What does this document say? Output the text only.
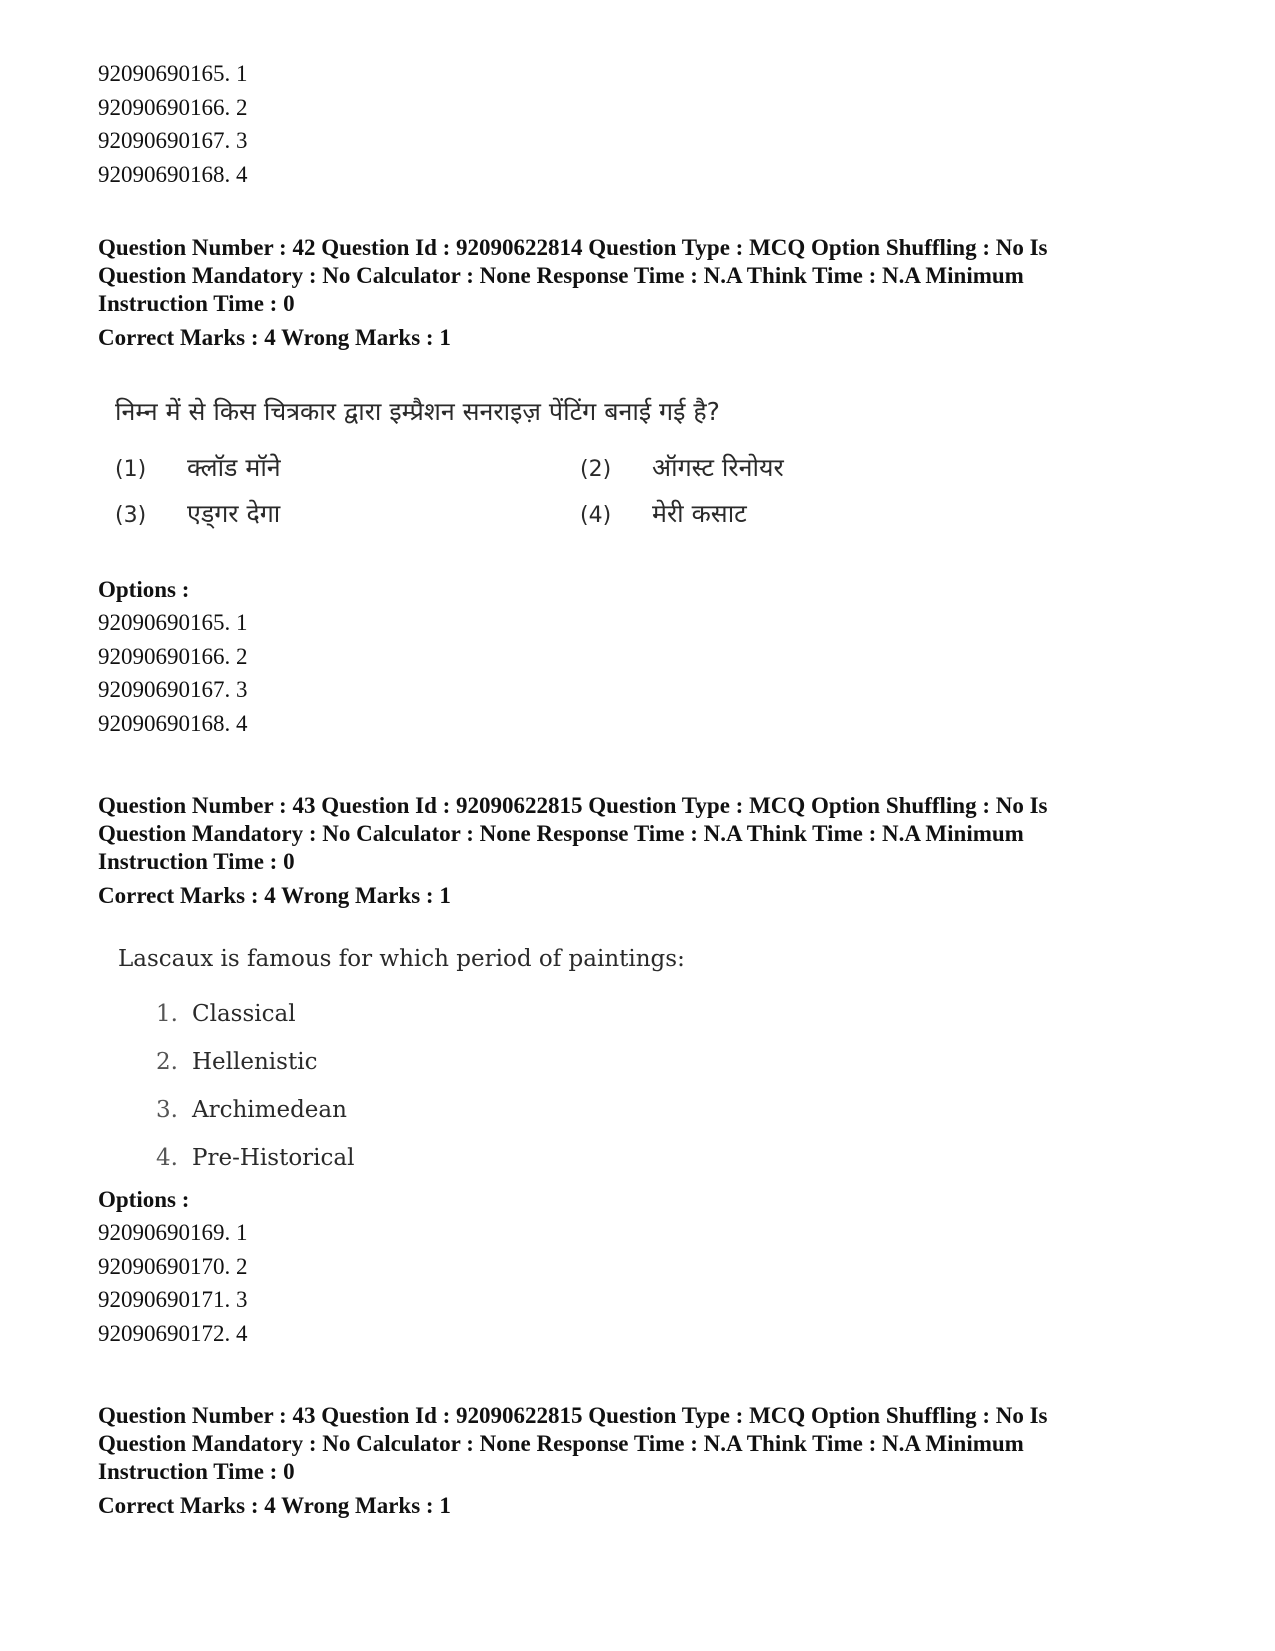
92090690165. 1
92090690166. 2
92090690167. 3
92090690168. 4
Question Number : 42 Question Id : 92090622814 Question Type : MCQ Option Shuffling : No Is
Question Mandatory : No Calculator : None Response Time : N.A Think Time : N.A Minimum
Instruction Time : 0
Correct Marks : 4 Wrong Marks : 1
निम्न में से किस चित्रकार द्वारा इम्प्रैशन सनराइज़ पेंटिंग बनाई गई है?
(1) क्लॉड मॉनेे	(2) ऑगस्ट रिनोयर
(3) एड्गर देगा	(4) मेरी कसाट
Options :
92090690165. 1
92090690166. 2
92090690167. 3
92090690168. 4
Question Number : 43 Question Id : 92090622815 Question Type : MCQ Option Shuffling : No Is
Question Mandatory : No Calculator : None Response Time : N.A Think Time : N.A Minimum
Instruction Time : 0
Correct Marks : 4 Wrong Marks : 1
Lascaux is famous for which period of paintings:
1. Classical
2. Hellenistic
3. Archimedean
4. Pre-Historical
Options :
92090690169. 1
92090690170. 2
92090690171. 3
92090690172. 4
Question Number : 43 Question Id : 92090622815 Question Type : MCQ Option Shuffling : No Is
Question Mandatory : No Calculator : None Response Time : N.A Think Time : N.A Minimum
Instruction Time : 0
Correct Marks : 4 Wrong Marks : 1
